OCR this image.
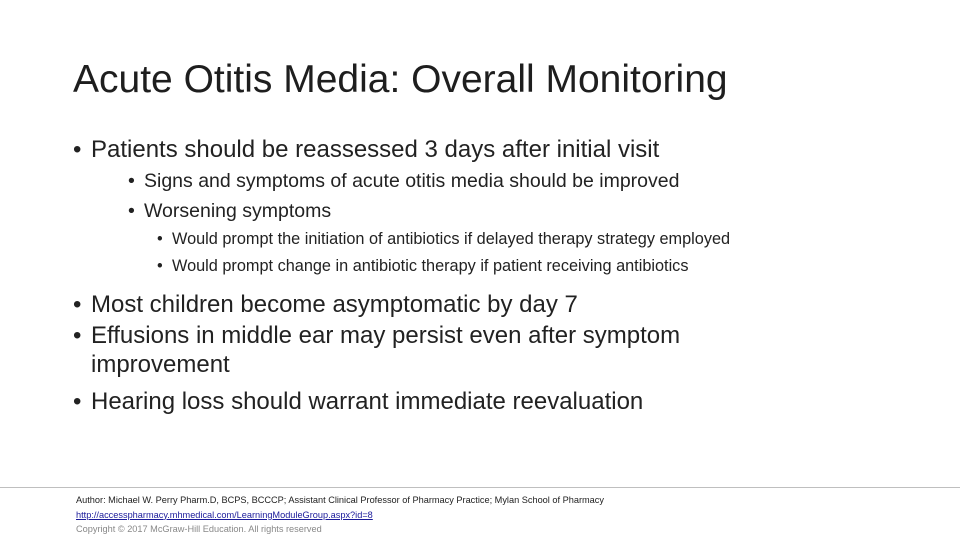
Acute Otitis Media: Overall Monitoring
• Patients should be reassessed 3 days after initial visit
• Signs and symptoms of acute otitis media should be improved
• Worsening symptoms
• Would prompt the initiation of antibiotics if delayed therapy strategy employed
• Would prompt change in antibiotic therapy if patient receiving antibiotics
• Most children become asymptomatic by day 7
• Effusions in middle ear may persist even after symptom improvement
• Hearing loss should warrant immediate reevaluation
Author: Michael W. Perry Pharm.D, BCPS, BCCCP; Assistant Clinical Professor of Pharmacy Practice; Mylan School of Pharmacy
http://accesspharmacy.mhmedical.com/LearningModuleGroup.aspx?id=8
Copyright © 2017 McGraw-Hill Education. All rights reserved
